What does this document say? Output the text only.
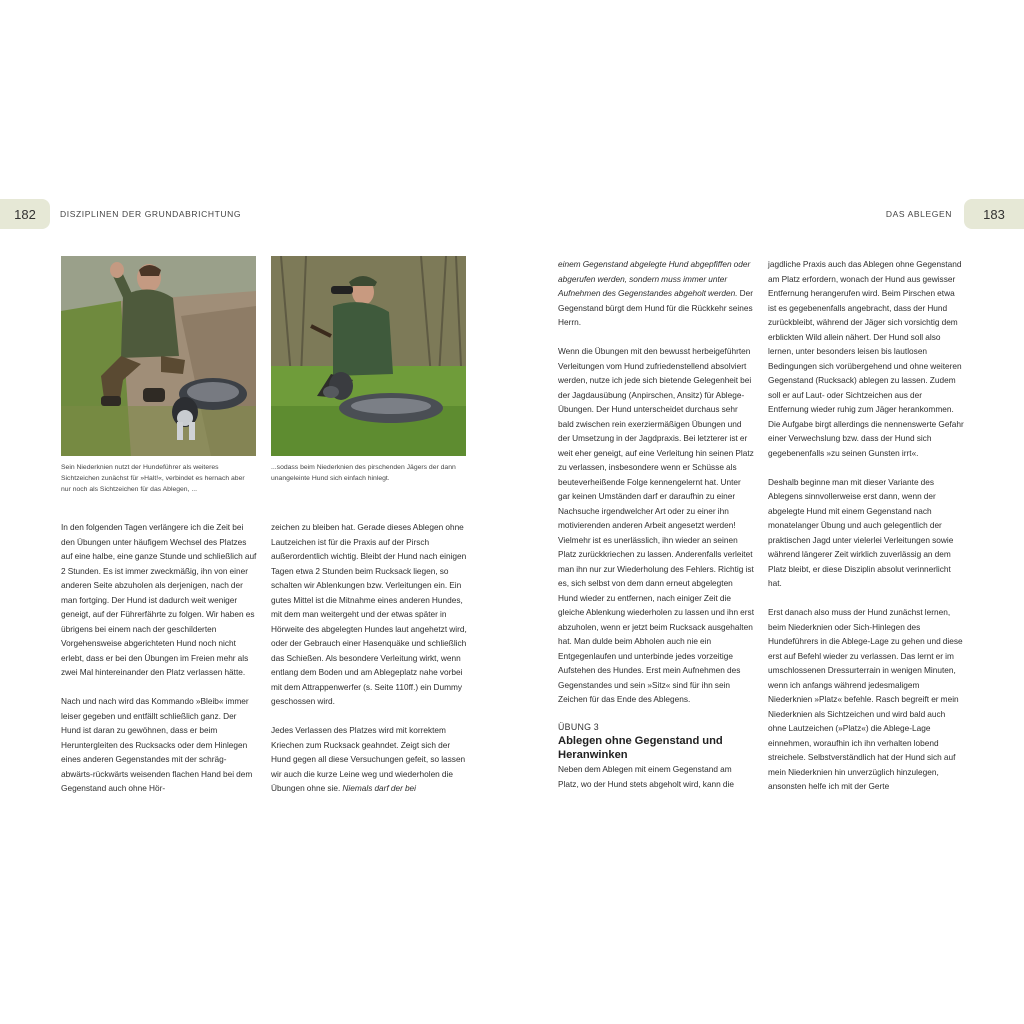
182	DISZIPLINEN DER GRUNDABRICHTUNG	DAS ABLEGEN	183
Sein Niederknien nutzt der Hundeführer als weiteres Sichtzeichen zunächst für »Halt!«, verbindet es hernach aber nur noch als Sichtzeichen für das Ablegen, ...
...sodass beim Niederknien des pirschenden Jägers der dann unangeleinte Hund sich einfach hinlegt.

In den folgenden Tagen verlängere ich die Zeit bei den Übungen unter häufigem Wechsel des Platzes auf eine halbe, eine ganze Stunde und schließlich auf 2 Stunden. Es ist immer zweckmäßig, ihn von einer anderen Seite abzuholen als derjenigen, nach der man fortging. Der Hund ist dadurch weit weniger geneigt, auf der Führerfährte zu folgen. Wir haben es übrigens bei einem nach der geschilderten Vorgehensweise abgerichteten Hund noch nicht erlebt, dass er bei den Übungen im Freien mehr als zwei Mal hintereinander den Platz verlassen hätte.

Nach und nach wird das Kommando »Bleib« immer leiser gegeben und entfällt schließlich ganz. Der Hund ist daran zu gewöhnen, dass er beim Heruntergleiten des Rucksacks oder dem Hinlegen eines anderen Gegenstandes mit der schräg-abwärts-rückwärts weisenden flachen Hand bei dem Gegenstand auch ohne Hör-

zeichen zu bleiben hat. Gerade dieses Ablegen ohne Lautzeichen ist für die Praxis auf der Pirsch außerordentlich wichtig. Bleibt der Hund nach einigen Tagen etwa 2 Stunden beim Rucksack liegen, so schalten wir Ablenkungen bzw. Verleitungen ein. Ein gutes Mittel ist die Mitnahme eines anderen Hundes, mit dem man weitergeht und der etwas später in Hörweite des abgelegten Hundes laut angehetzt wird, oder der Gebrauch einer Hasenquäke und schließlich das Schießen. Als besondere Verleitung wirkt, wenn entlang dem Boden und am Ablegeplatz nahe vorbei mit dem Attrappenwerfer (s. Seite 110ff.) ein Dummy geschossen wird.

Jedes Verlassen des Platzes wird mit korrektem Kriechen zum Rucksack geahndet. Zeigt sich der Hund gegen all diese Versuchungen gefeit, so lassen wir auch die kurze Leine weg und wiederholen die Übungen ohne sie. Niemals darf der bei

einem Gegenstand abgelegte Hund abgepfiffen oder abgerufen werden, sondern muss immer unter Aufnehmen des Gegenstandes abgeholt werden. Der Gegenstand bürgt dem Hund für die Rückkehr seines Herrn.

Wenn die Übungen mit den bewusst herbeigeführten Verleitungen vom Hund zufriedenstellend absolviert werden, nutze ich jede sich bietende Gelegenheit bei der Jagdausübung (Anpirschen, Ansitz) für Ablege-Übungen. Der Hund unterscheidet durchaus sehr bald zwischen rein exerziermäßigen Übungen und der Umsetzung in der Jagdpraxis. Bei letzterer ist er weit eher geneigt, auf eine Verleitung hin seinen Platz zu verlassen, insbesondere wenn er Schüsse als beuteverheißende Folge kennengelernt hat. Unter gar keinen Umständen darf er daraufhin zu einer Nachsuche irgendwelcher Art oder zu einer ihn motivierenden anderen Arbeit angesetzt werden! Vielmehr ist es unerlässlich, ihn wieder an seinen Platz zurückkriechen zu lassen. Anderenfalls verleitet man ihn nur zur Wiederholung des Fehlers. Richtig ist es, sich selbst von dem dann erneut abgelegten Hund wieder zu entfernen, nach einiger Zeit die gleiche Ablenkung wiederholen zu lassen und ihn erst abzuholen, wenn er jetzt beim Rucksack ausgehalten hat. Man dulde beim Abholen auch nie ein Entgegenlaufen und unterbinde jedes vorzeitige Aufstehen des Hundes. Erst mein Aufnehmen des Gegenstandes und sein »Sitz« sind für ihn sein Zeichen für das Ende des Ablegens.

ÜBUNG 3
Ablegen ohne Gegenstand und Heranwinken

Neben dem Ablegen mit einem Gegenstand am Platz, wo der Hund stets abgeholt wird, kann die

jagdliche Praxis auch das Ablegen ohne Gegenstand am Platz erfordern, wonach der Hund aus gewisser Entfernung herangerufen wird. Beim Pirschen etwa ist es gegebenenfalls angebracht, dass der Hund zurückbleibt, während der Jäger sich vorsichtig dem erblickten Wild allein nähert. Der Hund soll also lernen, unter besonders leisen bis lautlosen Bedingungen sich vorübergehend und ohne weiteren Gegenstand (Rucksack) ablegen zu lassen. Zudem soll er auf Laut- oder Sichtzeichen aus der Entfernung wieder ruhig zum Jäger herankommen. Die Aufgabe birgt allerdings die nennenswerte Gefahr einer Verwechslung bzw. dass der Hund sich gegebenenfalls »zu seinen Gunsten irrt«.

Deshalb beginne man mit dieser Variante des Ablegens sinnvollerweise erst dann, wenn der abgelegte Hund mit einem Gegenstand nach monatelanger Übung und auch gelegentlich der praktischen Jagd unter vielerlei Verleitungen sowie während längerer Zeit wirklich zuverlässig an dem Platz bleibt, er diese Disziplin absolut verinnerlicht hat.

Erst danach also muss der Hund zunächst lernen, beim Niederknien oder Sich-Hinlegen des Hundeführers in die Ablege-Lage zu gehen und diese erst auf Befehl wieder zu verlassen. Das lernt er im umschlossenen Dressurterrain in wenigen Minuten, wenn ich anfangs während jedesmaligem Niederknien »Platz« befehle. Rasch begreift er mein Niederknien als Sichtzeichen und wird bald auch ohne Lautzeichen (»Platz«) die Ablege-Lage einnehmen, woraufhin ich ihn verhalten lobend streichele. Selbstverständlich hat der Hund sich auf mein Niederknien hin unverzüglich hinzulegen, ansonsten helfe ich mit der Gerte
